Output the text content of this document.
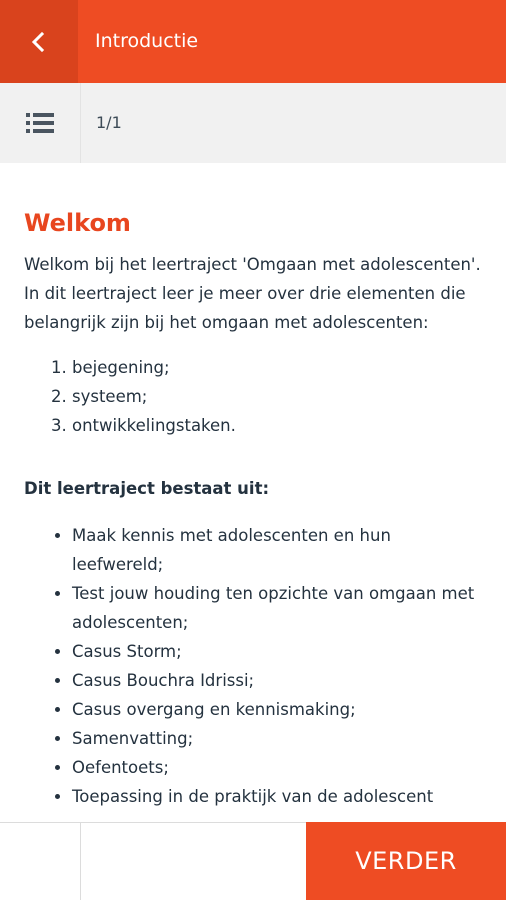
Introductie
1/1
Welkom

Welkom bij het leertraject 'Omgaan met adolescenten'. In dit leertraject leer je meer over drie elementen die belangrijk zijn bij het omgaan met adolescenten:

1. bejegening;
2. systeem;
3. ontwikkelingstaken.

Dit leertraject bestaat uit:

• Maak kennis met adolescenten en hun leefwereld;
• Test jouw houding ten opzichte van omgaan met adolescenten;
• Casus Storm;
• Casus Bouchra Idrissi;
• Casus overgang en kennismaking;
• Samenvatting;
• Oefentoets;
• Toepassing in de praktijk van de adolescent
VERDER
